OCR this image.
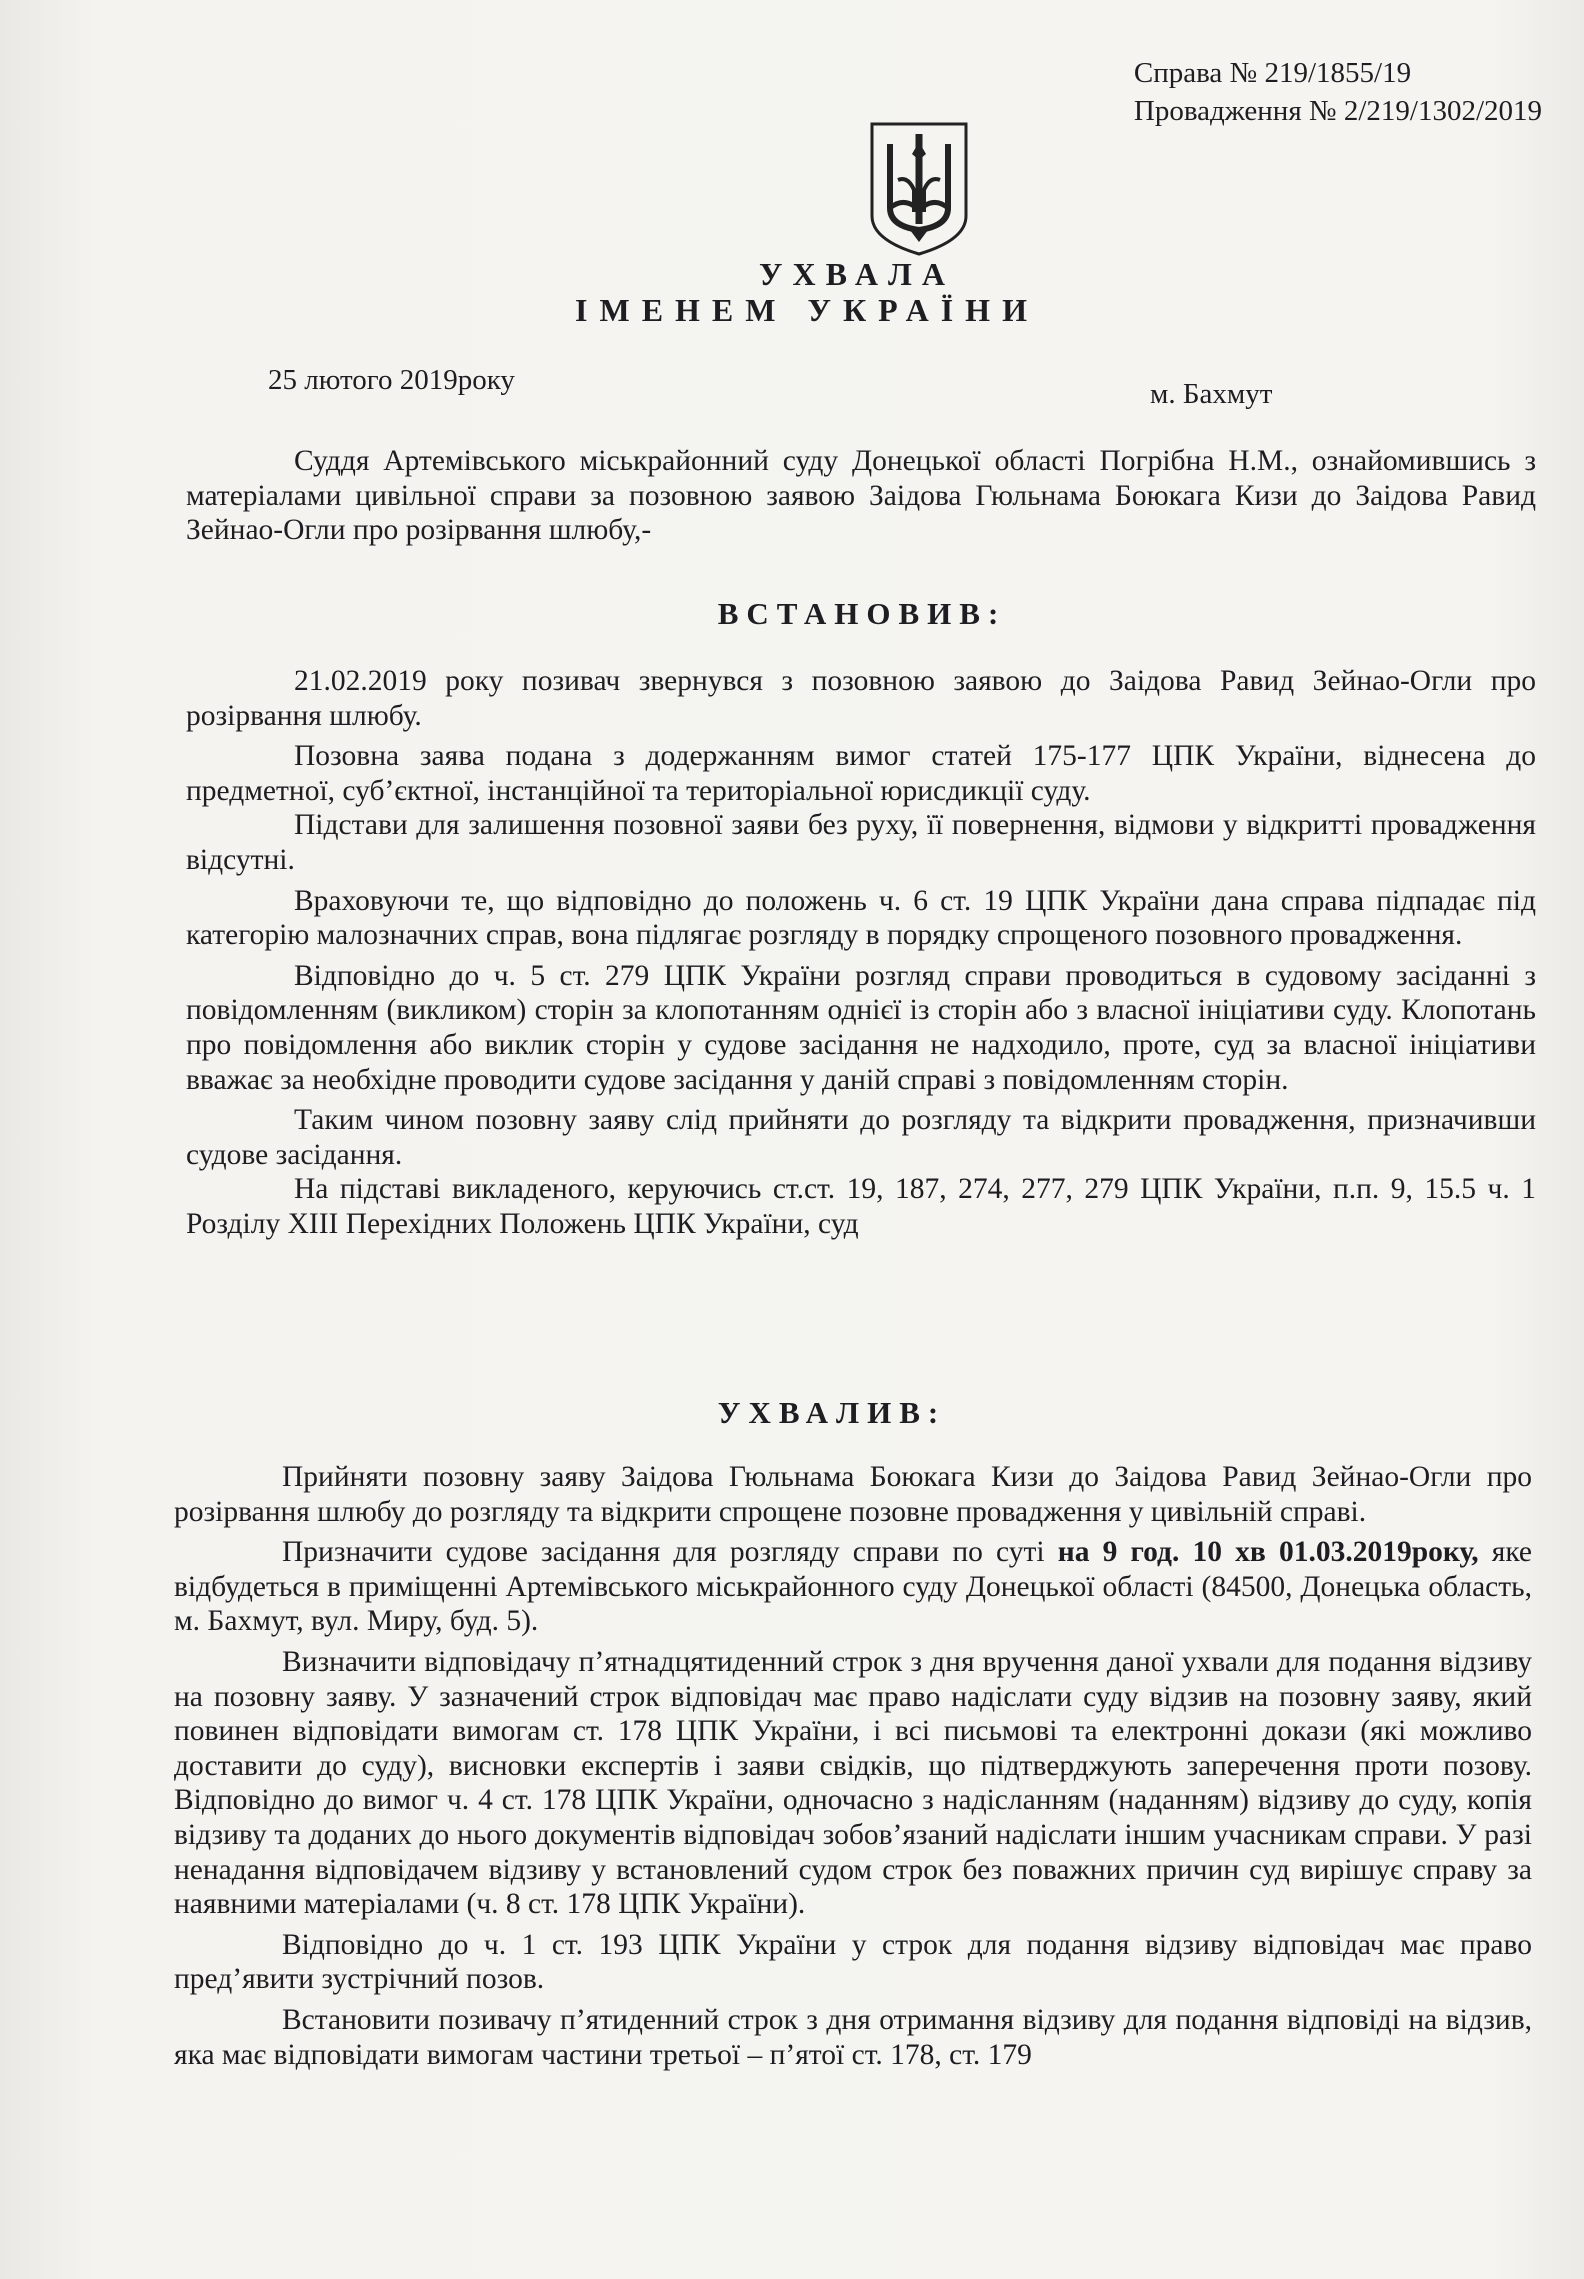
Справа № 219/1855/19
Провадження № 2/219/1302/2019
УХВАЛА
ІМЕНЕМ УКРАЇНИ
25 лютого 2019року	м. Бахмут

Суддя Артемівського міськрайонний суду Донецької області Погрібна Н.М., ознайомившись з матеріалами цивільної справи за позовною заявою Заідова Гюльнама Боюкага Кизи до Заідова Равид Зейнао-Огли про розірвання шлюбу,-

ВСТАНОВИВ:

21.02.2019 року позивач звернувся з позовною заявою до Заідова Равид Зейнао-Огли про розірвання шлюбу.

Позовна заява подана з додержанням вимог статей 175-177 ЦПК України, віднесена до предметної, суб’єктної, інстанційної та територіальної юрисдикції суду.

Підстави для залишення позовної заяви без руху, її повернення, відмови у відкритті провадження відсутні.

Враховуючи те, що відповідно до положень ч. 6 ст. 19 ЦПК України дана справа підпадає під категорію малозначних справ, вона підлягає розгляду в порядку спрощеного позовного провадження.

Відповідно до ч. 5 ст. 279 ЦПК України розгляд справи проводиться в судовому засіданні з повідомленням (викликом) сторін за клопотанням однієї із сторін або з власної ініціативи суду. Клопотань про повідомлення або виклик сторін у судове засідання не надходило, проте, суд за власної ініціативи вважає за необхідне проводити судове засідання у даній справі з повідомленням сторін.

Таким чином позовну заяву слід прийняти до розгляду та відкрити провадження, призначивши судове засідання.

На підставі викладеного, керуючись ст.ст. 19, 187, 274, 277, 279 ЦПК України, п.п. 9, 15.5 ч. 1 Розділу XIII Перехідних Положень ЦПК України, суд

УХВАЛИВ:

Прийняти позовну заяву Заідова Гюльнама Боюкага Кизи до Заідова Равид Зейнао-Огли про розірвання шлюбу до розгляду та відкрити спрощене позовне провадження у цивільній справі.

Призначити судове засідання для розгляду справи по суті на 9 год. 10 хв 01.03.2019року, яке відбудеться в приміщенні Артемівського міськрайонного суду Донецької області (84500, Донецька область, м. Бахмут, вул. Миру, буд. 5).

Визначити відповідачу п’ятнадцятиденний строк з дня вручення даної ухвали для подання відзиву на позовну заяву. У зазначений строк відповідач має право надіслати суду відзив на позовну заяву, який повинен відповідати вимогам ст. 178 ЦПК України, і всі письмові та електронні докази (які можливо доставити до суду), висновки експертів і заяви свідків, що підтверджують заперечення проти позову. Відповідно до вимог ч. 4 ст. 178 ЦПК України, одночасно з надісланням (наданням) відзиву до суду, копія відзиву та доданих до нього документів відповідач зобов’язаний надіслати іншим учасникам справи. У разі ненадання відповідачем відзиву у встановлений судом строк без поважних причин суд вирішує справу за наявними матеріалами (ч. 8 ст. 178 ЦПК України).

Відповідно до ч. 1 ст. 193 ЦПК України у строк для подання відзиву відповідач має право пред’явити зустрічний позов.

Встановити позивачу п’ятиденний строк з дня отримання відзиву для подання відповіді на відзив, яка має відповідати вимогам частини третьої – п’ятої ст. 178, ст. 179
